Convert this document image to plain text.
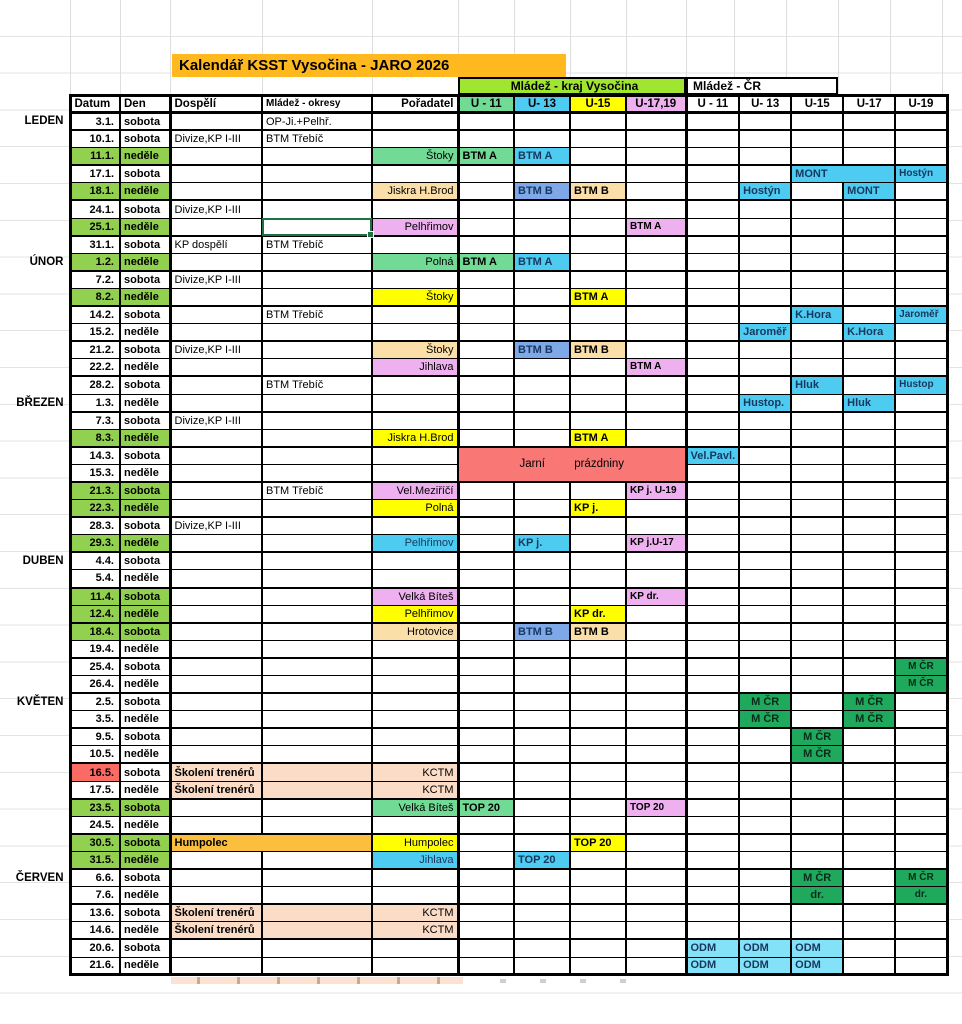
Kalendář KSST Vysočina - JARO 2026
Mládež - kraj Vysočina	Mládež - ČR
	Datum	Den	Dospělí	Mládež - okresy	Pořadatel	U - 11	U- 13	U-15	U-17,19	U - 11	U- 13	U-15	U-17	U-19
LEDEN	3.1.	sobota		OP-Ji.+Pelhř.										
	10.1.	sobota	Divize,KP I-III	BTM Třebíč										
	11.1.	neděle			Štoky	BTM A	BTM A							
	17.1.	sobota										MONT		Hostýn
	18.1.	neděle			Jiskra H.Brod		BTM B	BTM B			Hostýn		MONT	
	24.1.	sobota	Divize,KP I-III											
	25.1.	neděle			Pelhřimov				BTM A					
	31.1.	sobota	KP dospělí	BTM Třebíč										
ÚNOR	1.2.	neděle			Polná	BTM A	BTM A							
	7.2.	sobota	Divize,KP I-III											
	8.2.	neděle			Štoky			BTM A						
	14.2.	sobota		BTM Třebíč								K.Hora		Jaroměř
	15.2.	neděle									Jaroměř		K.Hora	
	21.2.	sobota	Divize,KP I-III		Štoky		BTM B	BTM B						
	22.2.	neděle			Jihlava				BTM A					
	28.2.	sobota		BTM Třebíč								Hluk		Hustop
BŘEZEN	1.3.	neděle									Hustop.		Hluk	
	7.3.	sobota	Divize,KP I-III											
	8.3.	neděle			Jiskra H.Brod			BTM A						
	14.3.	sobota				Jarní prázdniny				Vel.Pavl.				
	15.3.	neděle												
	21.3.	sobota		BTM Třebíč	Vel.Meziříčí				KP j. U-19					
	22.3.	neděle			Polná			KP j.						
	28.3.	sobota	Divize,KP I-III											
	29.3.	neděle			Pelhřimov		KP j.		KP j.U-17					
DUBEN	4.4.	sobota												
	5.4.	neděle												
	11.4.	sobota			Velká Bíteš				KP dr.					
	12.4.	neděle			Pelhřimov			KP dr.						
	18.4.	sobota			Hrotovice		BTM B	BTM B						
	19.4.	neděle												
	25.4.	sobota												M ČR
	26.4.	neděle												M ČR
KVĚTEN	2.5.	sobota									M ČR		M ČR	
	3.5.	neděle									M ČR		M ČR	
	9.5.	sobota										M ČR		
	10.5.	neděle										M ČR		
	16.5.	sobota	Školení trenérů		KCTM									
	17.5.	neděle	Školení trenérů		KCTM									
	23.5.	sobota			Velká Bíteš	TOP 20			TOP 20					
	24.5.	neděle												
	30.5.	sobota	Humpolec		Humpolec			TOP 20						
	31.5.	neděle			Jihlava		TOP 20							
ČERVEN	6.6.	sobota										M ČR		M ČR
	7.6.	neděle										dr.		dr.
	13.6.	sobota	Školení trenérů		KCTM									
	14.6.	neděle	Školení trenérů		KCTM									
	20.6.	sobota								ODM	ODM	ODM		
	21.6.	neděle								ODM	ODM	ODM		
